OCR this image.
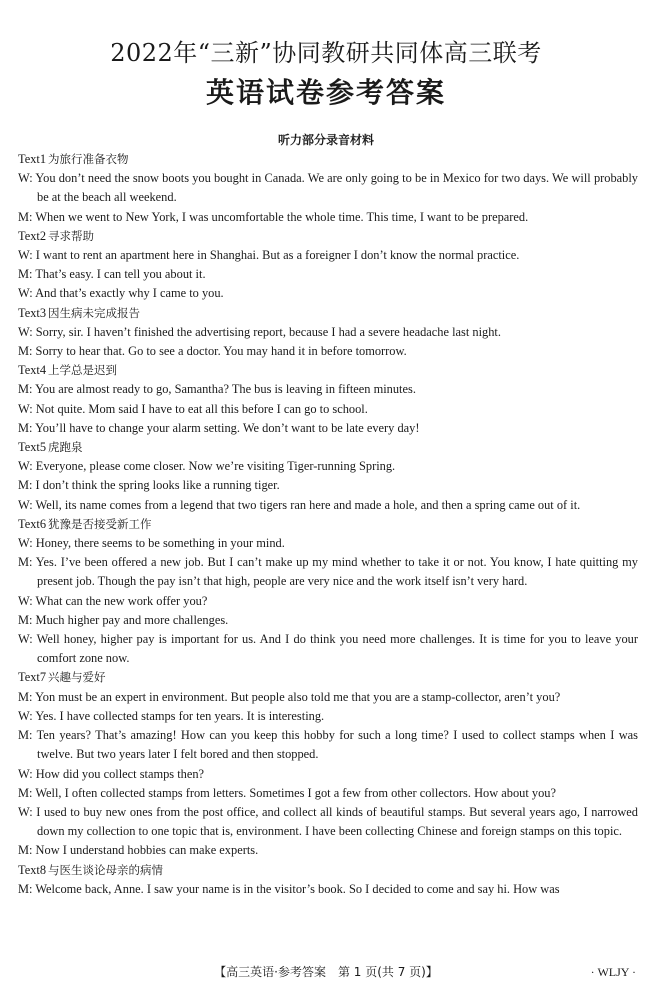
2022年“三新”协同教研共同体高三联考
英语试卷参考答案
听力部分录音材料
Text1 为旅行准备衣物
W: You don’t need the snow boots you bought in Canada. We are only going to be in Mexico for two days. We will probably be at the beach all weekend.
M: When we went to New York, I was uncomfortable the whole time. This time, I want to be prepared.
Text2 寻求帮助
W: I want to rent an apartment here in Shanghai. But as a foreigner I don’t know the normal practice.
M: That’s easy. I can tell you about it.
W: And that’s exactly why I came to you.
Text3 因生病未完成报告
W: Sorry, sir. I haven’t finished the advertising report, because I had a severe headache last night.
M: Sorry to hear that. Go to see a doctor. You may hand it in before tomorrow.
Text4 上学总是迟到
M: You are almost ready to go, Samantha? The bus is leaving in fifteen minutes.
W: Not quite. Mom said I have to eat all this before I can go to school.
M: You’ll have to change your alarm setting. We don’t want to be late every day!
Text5 虎跑泉
W: Everyone, please come closer. Now we’re visiting Tiger-running Spring.
M: I don’t think the spring looks like a running tiger.
W: Well, its name comes from a legend that two tigers ran here and made a hole, and then a spring came out of it.
Text6 犹豫是否接受新工作
W: Honey, there seems to be something in your mind.
M: Yes. I’ve been offered a new job. But I can’t make up my mind whether to take it or not. You know, I hate quitting my present job. Though the pay isn’t that high, people are very nice and the work itself isn’t very hard.
W: What can the new work offer you?
M: Much higher pay and more challenges.
W: Well honey, higher pay is important for us. And I do think you need more challenges. It is time for you to leave your comfort zone now.
Text7 兴趣与爱好
M: Yon must be an expert in environment. But people also told me that you are a stamp-collector, aren’t you?
W: Yes. I have collected stamps for ten years. It is interesting.
M: Ten years? That’s amazing! How can you keep this hobby for such a long time? I used to collect stamps when I was twelve. But two years later I felt bored and then stopped.
W: How did you collect stamps then?
M: Well, I often collected stamps from letters. Sometimes I got a few from other collectors. How about you?
W: I used to buy new ones from the post office, and collect all kinds of beautiful stamps. But several years ago, I narrowed down my collection to one topic that is, environment. I have been collecting Chinese and foreign stamps on this topic.
M: Now I understand hobbies can make experts.
Text8 与医生谈论母亲的病情
M: Welcome back, Anne. I saw your name is in the visitor’s book. So I decided to come and say hi. How was
【高三英语·参考答案　第 1 页(共 7 页)】	· WLJY ·
